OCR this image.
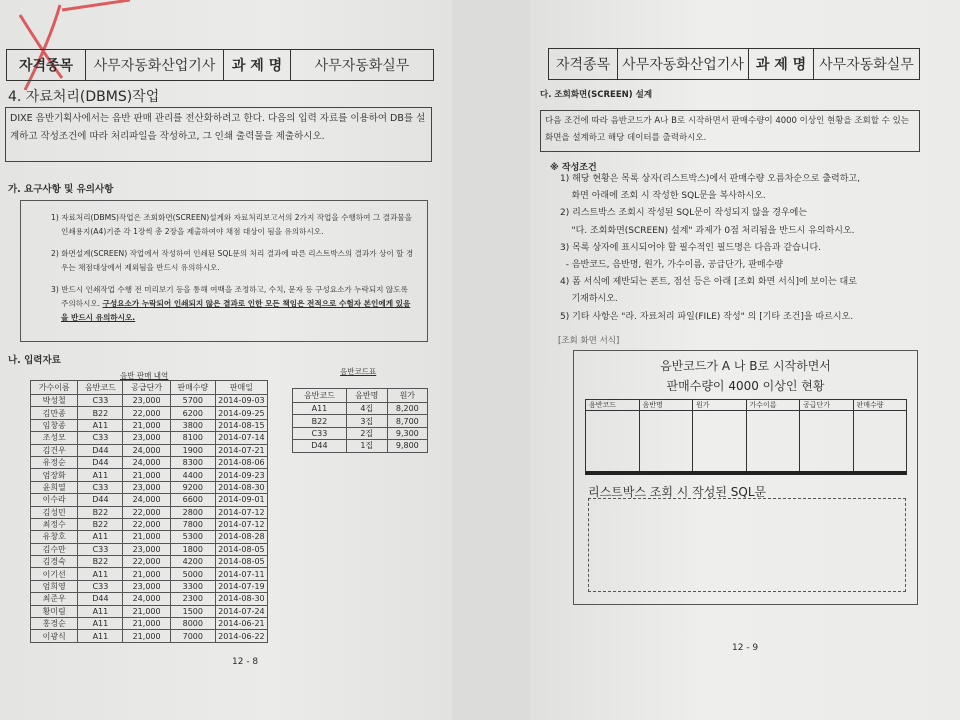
자격종목	사무자동화산업기사	과 제 명	사무자동화실무
4. 자료처리(DBMS)작업
DIXE 음반기획사에서는 음반 판매 관리를 전산화하려고 한다. 다음의 입력 자료를 이용하여 DB를 설계하고 작성조건에 따라 처리파일을 작성하고, 그 인쇄 출력물을 제출하시오.
가. 요구사항 및 유의사항

1) 자료처리(DBMS)작업은 조회화면(SCREEN)설계와 자료처리보고서의 2가지 작업을 수행하여 그 결과물을 인쇄용지(A4)기준 각 1장씩 총 2장을 제출하여야 채점 대상이 됨을 유의하시오.

2) 화면설계(SCREEN) 작업에서 작성하여 인쇄된 SQL문의 처리 결과에 따른 리스트박스의 결과가 상이 할 경우는 채점대상에서 제외됨을 반드시 유의하시오.

3) 반드시 인쇄작업 수행 전 미리보기 등을 통해 여백을 조정하고, 수치, 문자 등 구성요소가 누락되지 않도록 주의하시오. 구성요소가 누락되어 인쇄되지 않은 결과로 인한 모든 책임은 전적으로 수험자 본인에게 있음을 반드시 유의하시오.

나. 입력자료
음반 판매 내역
가수이름	음반코드	공급단가	판매수량	판매일
박성철	C33	23,000	5700	2014-09-03
김만종	B22	22,000	6200	2014-09-25
임창종	A11	21,000	3800	2014-08-15
조성모	C33	23,000	8100	2014-07-14
김건우	D44	24,000	1900	2014-07-21
유정순	D44	24,000	8300	2014-08-06
엄장화	A11	21,000	4400	2014-09-23
윤희열	C33	23,000	9200	2014-08-30
이수라	D44	24,000	6600	2014-09-01
김성민	B22	22,000	2800	2014-07-12
최정수	B22	22,000	7800	2014-07-12
유창호	A11	21,000	5300	2014-08-28
김수만	C33	23,000	1800	2014-08-05
김경숙	B22	22,000	4200	2014-08-05
이기선	A11	21,000	5000	2014-07-11
엄희영	C33	23,000	3300	2014-07-19
최준우	D44	24,000	2300	2014-08-30
황미림	A11	21,000	1500	2014-07-24
홍경순	A11	21,000	8000	2014-06-21
이광식	A11	21,000	7000	2014-06-22
음반코드표
음반코드	음반명	원가
A11	4집	8,200
B22	3집	8,700
C33	2집	9,300
D44	1집	9,800
12 - 8
자격종목 사무자동화산업기사 과 제 명 사무자동화실무
다. 조회화면(SCREEN) 설계
다음 조건에 따라 음반코드가 A나 B로 시작하면서 판매수량이 4000 이상인 현황을 조회할 수 있는 화면을 설계하고 해당 데이터를 출력하시오.
※ 작성조건
1) 해당 현황은 목록 상자(리스트박스)에서 판매수량 오름차순으로 출력하고,
화면 아래에 조회 시 작성한 SQL문을 복사하시오.
2) 리스트박스 조회시 작성된 SQL문이 작성되지 않을 경우에는
"다. 조회화면(SCREEN) 설계" 과제가 0점 처리됨을 반드시 유의하시오.
3) 목록 상자에 표시되어야 할 필수적인 필드명은 다음과 같습니다.
- 음반코드, 음반명, 원가, 가수이름, 공급단가, 판매수량
4) 폼 서식에 제반되는 폰트, 점선 등은 아래 [조회 화면 서식]에 보이는 대로
기재하시오.
5) 기타 사항은 "라. 자료처리 파일(FILE) 작성" 의 [기타 조건]을 따르시오.
[조회 화면 서식]
음반코드가 A 나 B로 시작하면서
판매수량이 4000 이상인 현황
음반코드	음반명	원가	가수이름	공급단가	판매수량
리스트박스 조회 시 작성된 SQL문
12 - 9
